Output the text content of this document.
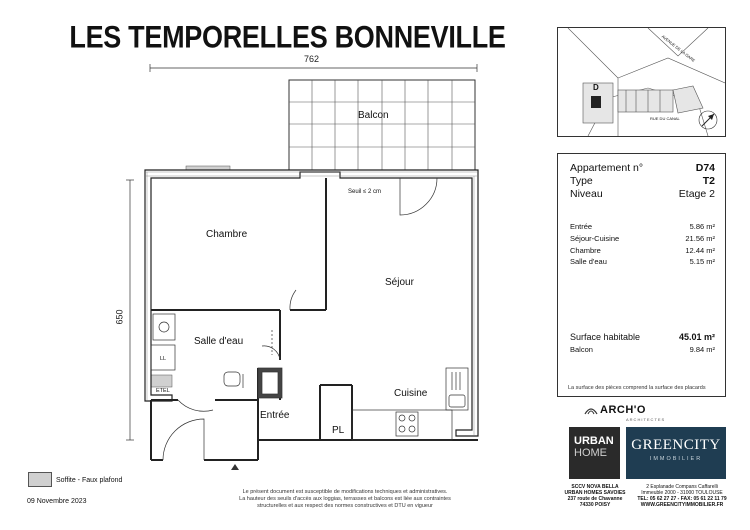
LES TEMPORELLES BONNEVILLE
762
650
Balcon
Chambre
Séjour
Salle d'eau
Cuisine
Entrée
PL
ETEL
LL
Seuil ≤ 2 cm
D
AVENUE DE LA GARE
RUE DU CANAL
Appartement n°	D74
Type	T2
Niveau	Etage 2
Entrée	5.86 m²
Séjour-Cuisine	21.56 m²
Chambre	12.44 m²
Salle d'eau	5.15 m²
Surface habitable	45.01 m²
Balcon	9.84 m²
La surface des pièces comprend la surface des placards
ARCH'O
ARCHITECTES
URBAN
HOME	GREENCITY
IMMOBILIER
SCCV NOVA BELLA
URBAN HOMES SAVOIES
237 route de Chavanne
74330 POISY
2 Esplanade Compans Caffarelli
Immeuble 2000 - 31000 TOULOUSE
TEL: 05 62 27 27 - FAX: 05 61 22 11 79
WWW.GREENCITYIMMOBILIER.FR
Soffite - Faux plafond
09 Novembre 2023
Le présent document est susceptible de modifications techniques et administratives.
La hauteur des seuils d'accès aux loggias, terrasses et balcons est liée aux contraintes
structurelles et aux respect des normes constructives et DTU en vigueur
